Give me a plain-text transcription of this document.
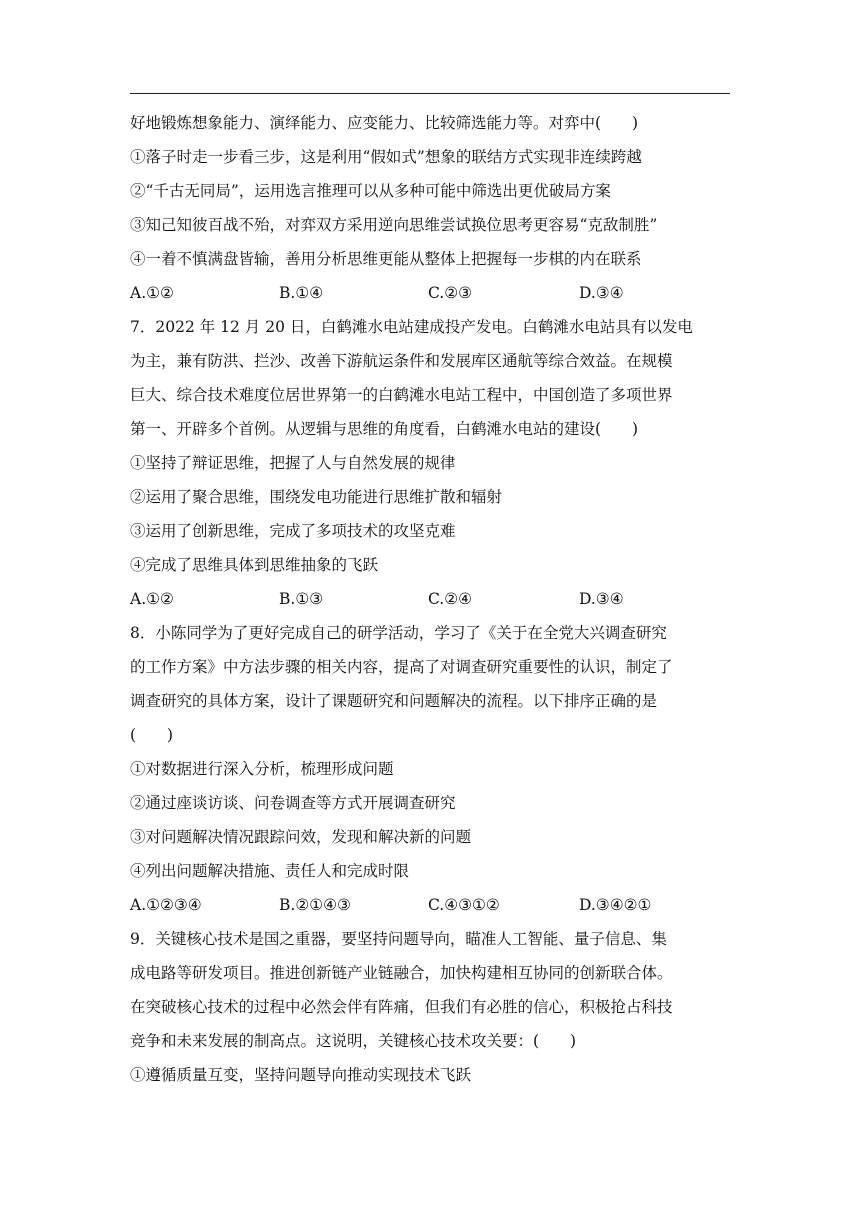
好地锻炼想象能力、演绎能力、应变能力、比较筛选能力等。对弈中(　　)
①落子时走一步看三步，这是利用“假如式”想象的联结方式实现非连续跨越
②“千古无同局”，运用选言推理可以从多种可能中筛选出更优破局方案
③知己知彼百战不殆，对弈双方采用逆向思维尝试换位思考更容易“克敌制胜”
④一着不慎满盘皆输，善用分析思维更能从整体上把握每一步棋的内在联系
A.①②	B.①④	C.②③	D.③④
7．2022 年 12 月 20 日，白鹤滩水电站建成投产发电。白鹤滩水电站具有以发电
为主，兼有防洪、拦沙、改善下游航运条件和发展库区通航等综合效益。在规模
巨大、综合技术难度位居世界第一的白鹤滩水电站工程中，中国创造了多项世界
第一、开辟多个首例。从逻辑与思维的角度看，白鹤滩水电站的建设(　　)
①坚持了辩证思维，把握了人与自然发展的规律
②运用了聚合思维，围绕发电功能进行思维扩散和辐射
③运用了创新思维，完成了多项技术的攻坚克难
④完成了思维具体到思维抽象的飞跃
A.①②	B.①③	C.②④	D.③④
8．小陈同学为了更好完成自己的研学活动，学习了《关于在全党大兴调查研究
的工作方案》中方法步骤的相关内容，提高了对调查研究重要性的认识，制定了
调查研究的具体方案，设计了课题研究和问题解决的流程。以下排序正确的是
(　　)
①对数据进行深入分析，梳理形成问题
②通过座谈访谈、问卷调查等方式开展调查研究
③对问题解决情况跟踪问效，发现和解决新的问题
④列出问题解决措施、责任人和完成时限
A.①②③④	B.②①④③	C.④③①②	D.③④②①
9．关键核心技术是国之重器，要坚持问题导向，瞄准人工智能、量子信息、集
成电路等研发项目。推进创新链产业链融合，加快构建相互协同的创新联合体。
在突破核心技术的过程中必然会伴有阵痛，但我们有必胜的信心，积极抢占科技
竞争和未来发展的制高点。这说明，关键核心技术攻关要：(　　)
①遵循质量互变，坚持问题导向推动实现技术飞跃
